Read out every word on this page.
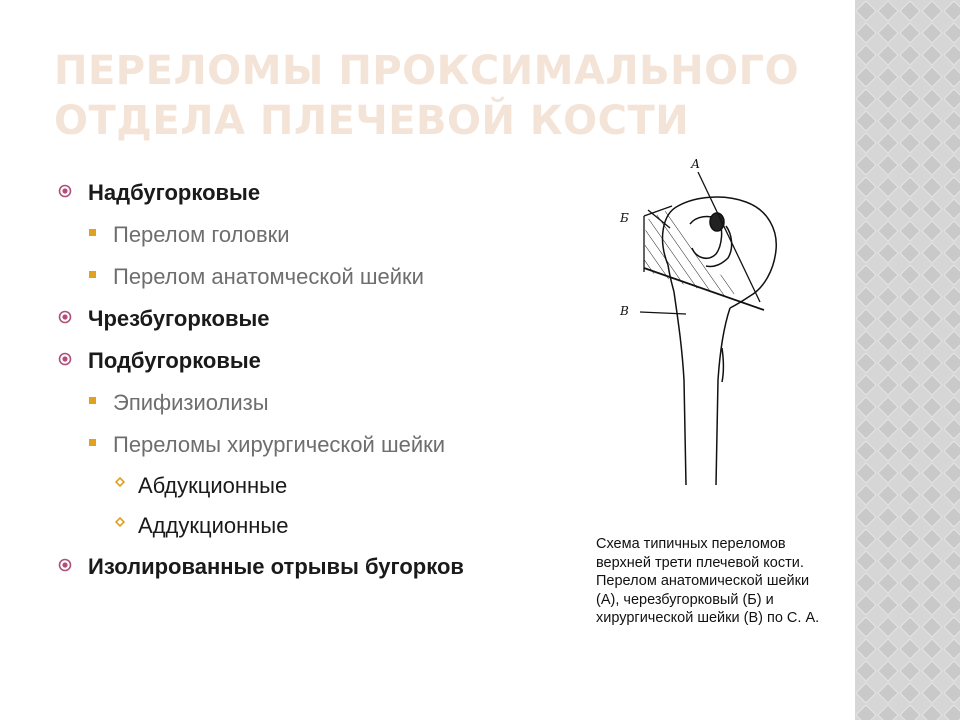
ПЕРЕЛОМЫ ПРОКСИМАЛЬНОГО
ОТДЕЛА ПЛЕЧЕВОЙ КОСТИ
Надбугорковые
Перелом головки
Перелом анатомческой шейки
Чрезбугорковые
Подбугорковые
Эпифизиолизы
Переломы хирургической шейки
Абдукционные
Аддукционные
Изолированные отрывы бугорков
А
Б
В
Схема типичных переломов
верхней трети плечевой кости.
Перелом анатомической шейки
(А), черезбугорковый (Б) и
хирургической шейки (В) по С. А.
